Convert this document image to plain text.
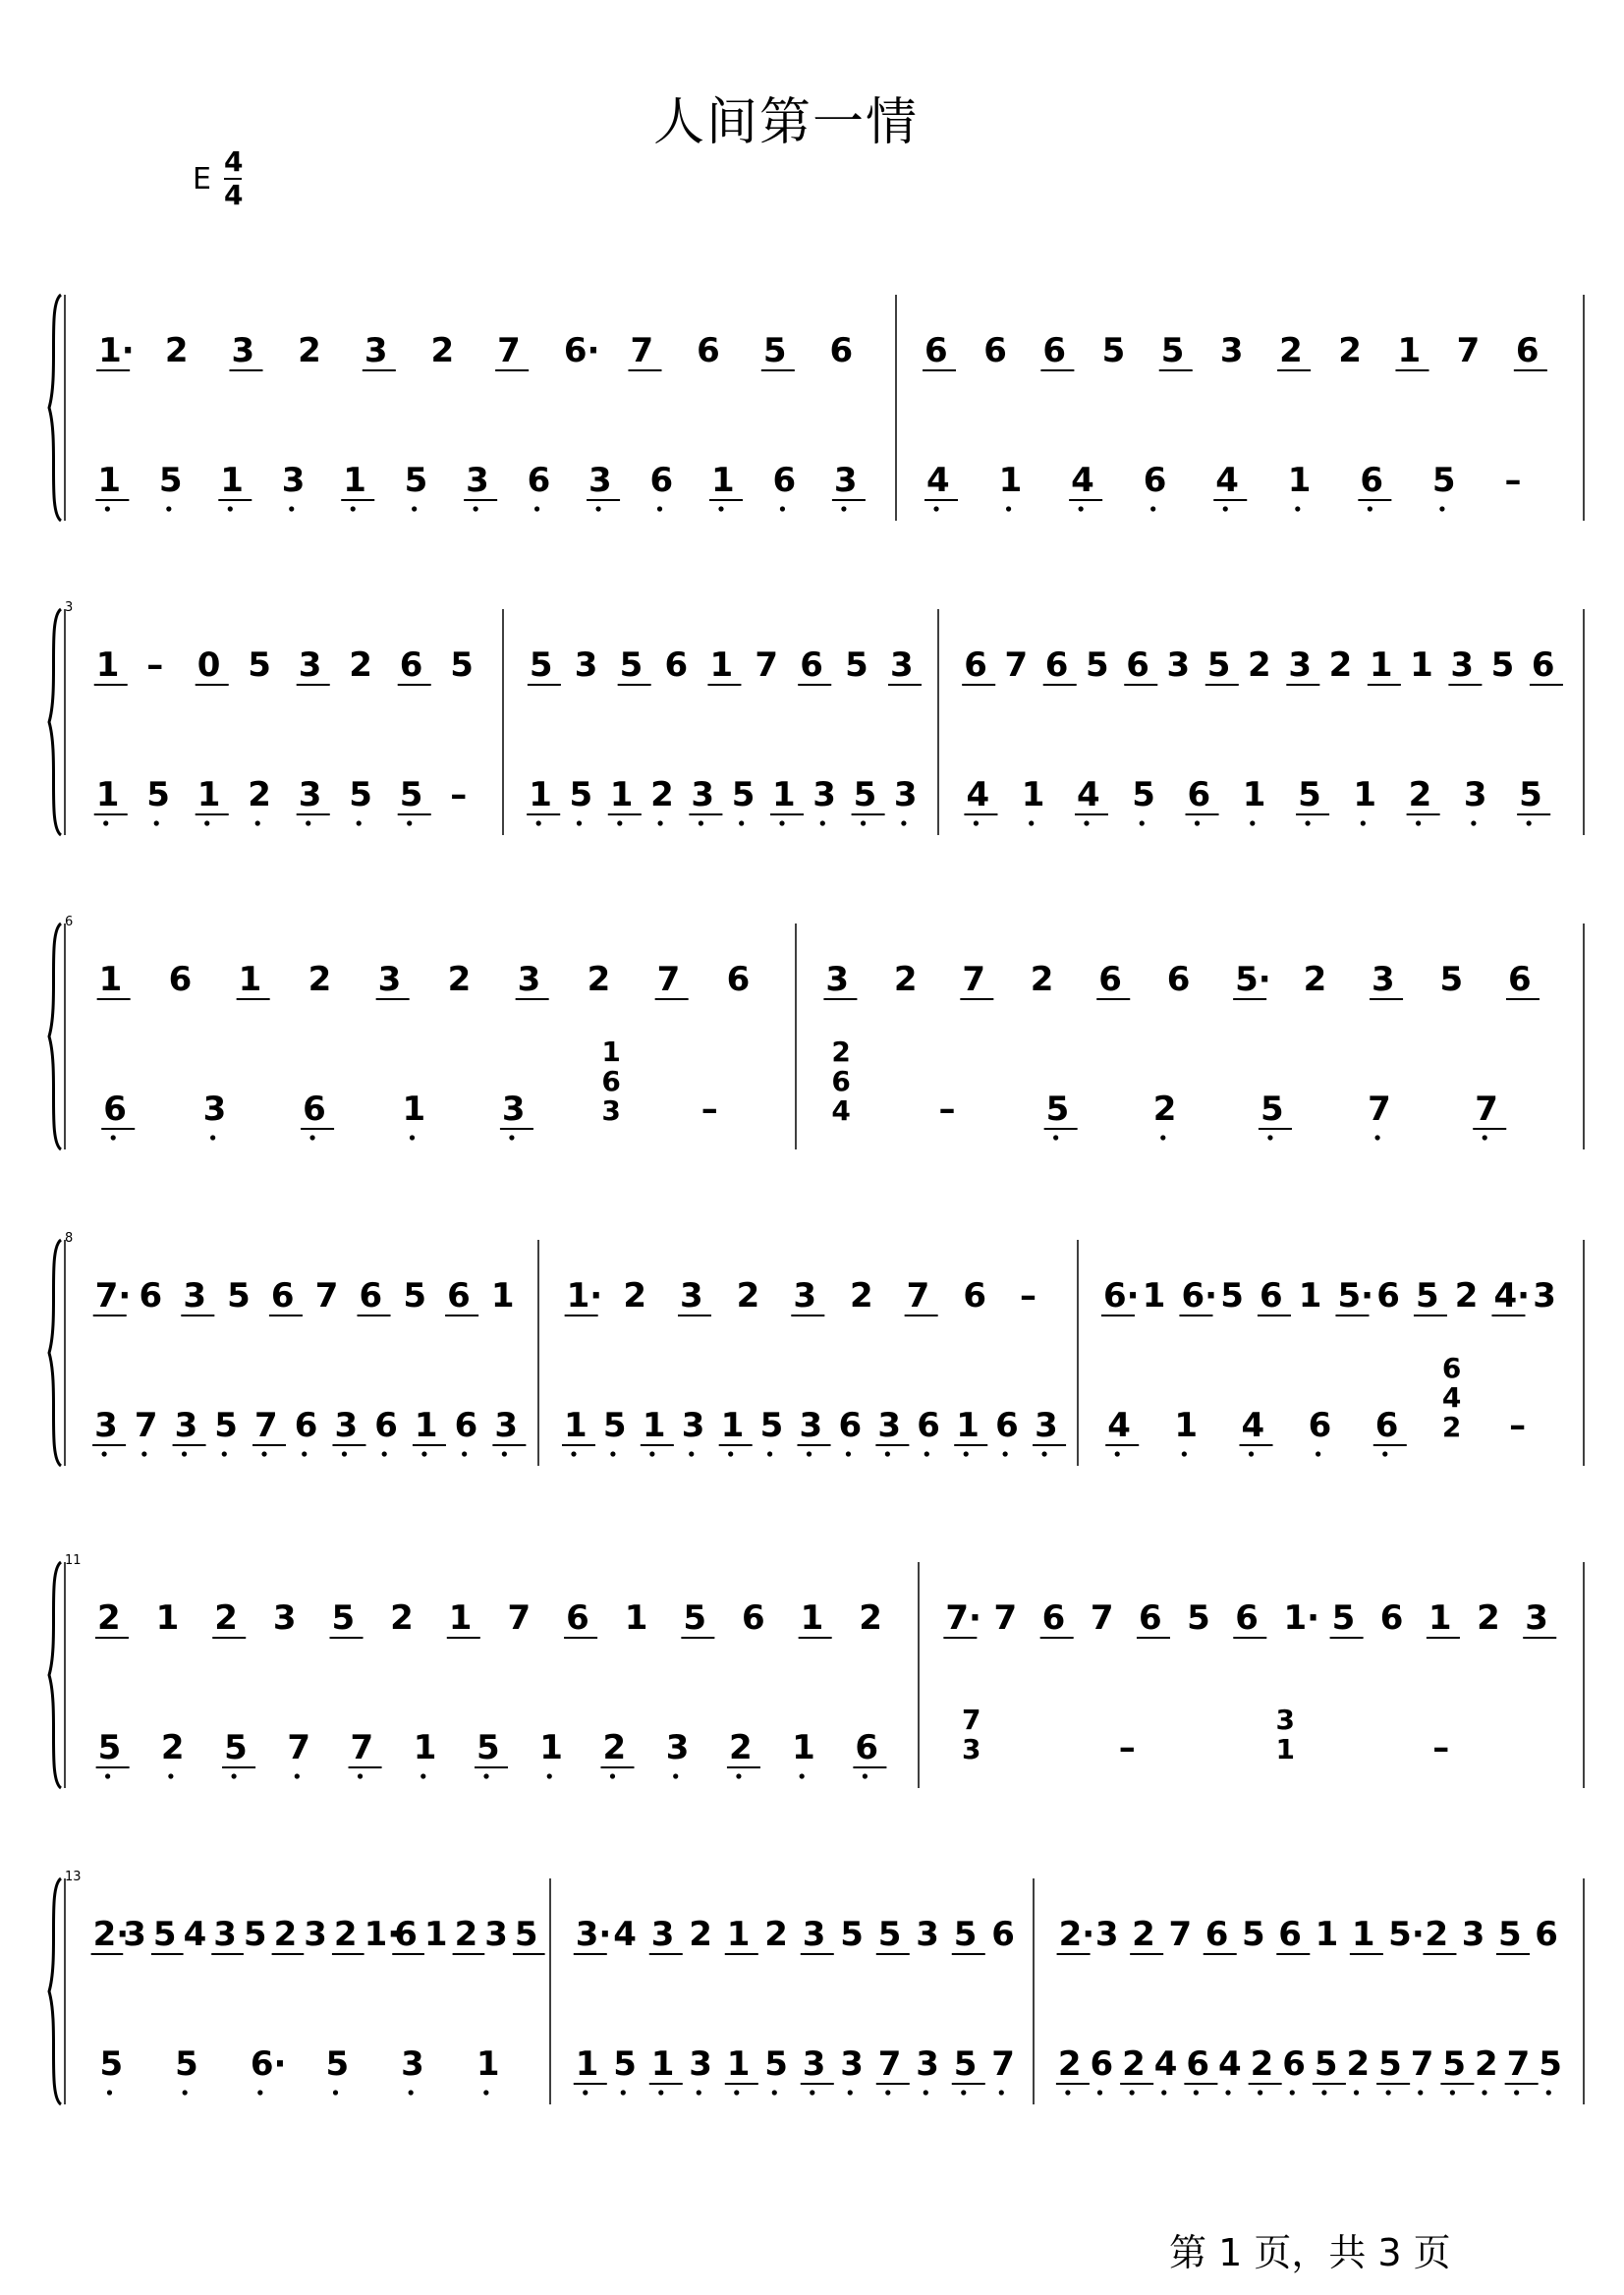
人间第一情
E
4
4
1· 2 3 2 3 2 7 6· 7 6 5 6
1 5 1 3 1 5 3 6 3 6 1 6 3
6 6 6 5 5 3 2 2 1 7 6
4 1 4 6 4 1 6 5 –
3
1 – 0 5 3 2 6 5
1 5 1 2 3 5 5 –
5 3 5 6 1 7 6 5 3
1 5 1 2 3 5 1 3 5 3
6 7 6 5 6 3 5 2 3 2 1 1 3 5 6
4 1 4 5 6 1 5 1 2 3 5
6
1 6 1 2 3 2 3 2 7 6
6 3 6 1 3
1
6
3 –
3 2 7 2 6 6 5· 2 3 5 6
2
6
4	–	5	2	5	7	7
8
7· 6 3 5 6 7 6 5 6 1
3 7 3 5 7 6 3 6 1 6 3
1· 2 3 2 3 2 7 6 –
1 5 1 3 1 5 3 6 3 6 1 6 3
6· 1 6· 5 6 1 5· 6 5 2 4· 3
4 1 4 6 6
6
4
2 –
11
2 1 2 3 5 2 1 7 6 1 5 6 1 2
5 2 5 7 7 1 5 1 2 3 2 1 6
7· 7 6 7 6 5 6 1· 5 6 1 2 3
7
3	–
3
1	–
13
2·
3 5 4 3 5 2 3 2 1·
6 1 2 3 5
5 5 6· 5 3 1
3· 4 3 2 1 2 3 5 5 3 5 6
1 5 1 3 1 5 3 3 7 3 5 7
2· 3 2 7 6 5 6 1 1 5· 2 3 5 6
2 6 2 4 6 4 2 6 5 2 5 7 5 2 7 5
第 1 页，共 3 页
